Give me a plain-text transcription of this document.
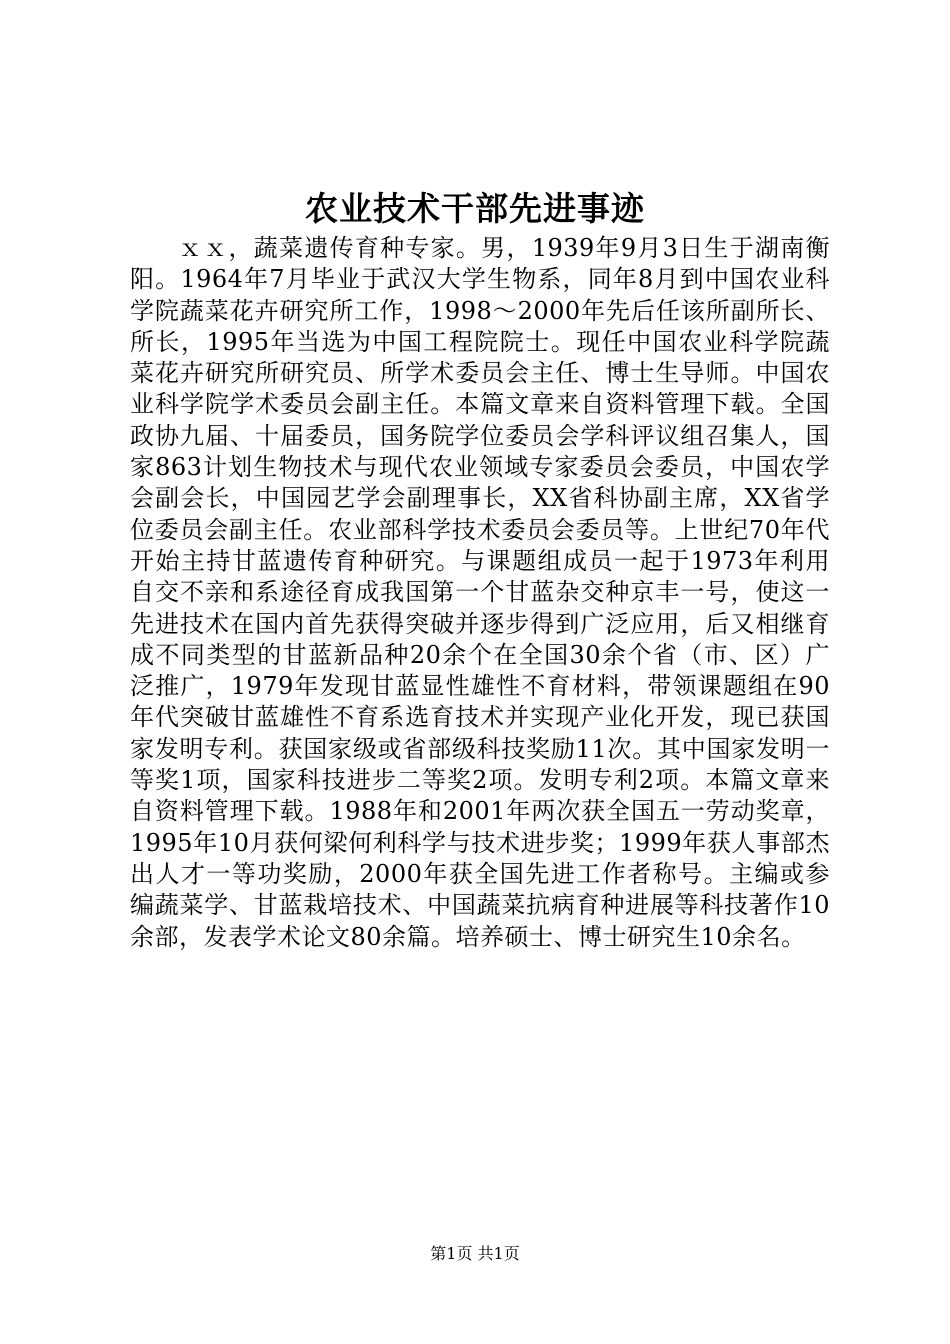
农业技术干部先进事迹

ｘｘ，蔬菜遗传育种专家。男，1939年9月3日生于湖南衡阳。1964年7月毕业于武汉大学生物系，同年8月到中国农业科学院蔬菜花卉研究所工作，1998～2000年先后任该所副所长、所长，1995年当选为中国工程院院士。现任中国农业科学院蔬菜花卉研究所研究员、所学术委员会主任、博士生导师。中国农业科学院学术委员会副主任。本篇文章来自资料管理下载。全国政协九届、十届委员，国务院学位委员会学科评议组召集人，国家863计划生物技术与现代农业领域专家委员会委员，中国农学会副会长，中国园艺学会副理事长，XX省科协副主席，XX省学位委员会副主任。农业部科学技术委员会委员等。上世纪70年代开始主持甘蓝遗传育种研究。与课题组成员一起于1973年利用自交不亲和系途径育成我国第一个甘蓝杂交种京丰一号，使这一先进技术在国内首先获得突破并逐步得到广泛应用，后又相继育成不同类型的甘蓝新品种20余个在全国30余个省（市、区）广泛推广，1979年发现甘蓝显性雄性不育材料，带领课题组在90年代突破甘蓝雄性不育系选育技术并实现产业化开发，现已获国家发明专利。获国家级或省部级科技奖励11次。其中国家发明一等奖1项，国家科技进步二等奖2项。发明专利2项。本篇文章来自资料管理下载。1988年和2001年两次获全国五一劳动奖章，1995年10月获何梁何利科学与技术进步奖；1999年获人事部杰出人才一等功奖励，2000年获全国先进工作者称号。主编或参编蔬菜学、甘蓝栽培技术、中国蔬菜抗病育种进展等科技著作10余部，发表学术论文80余篇。培养硕士、博士研究生10余名。

第1页 共1页
